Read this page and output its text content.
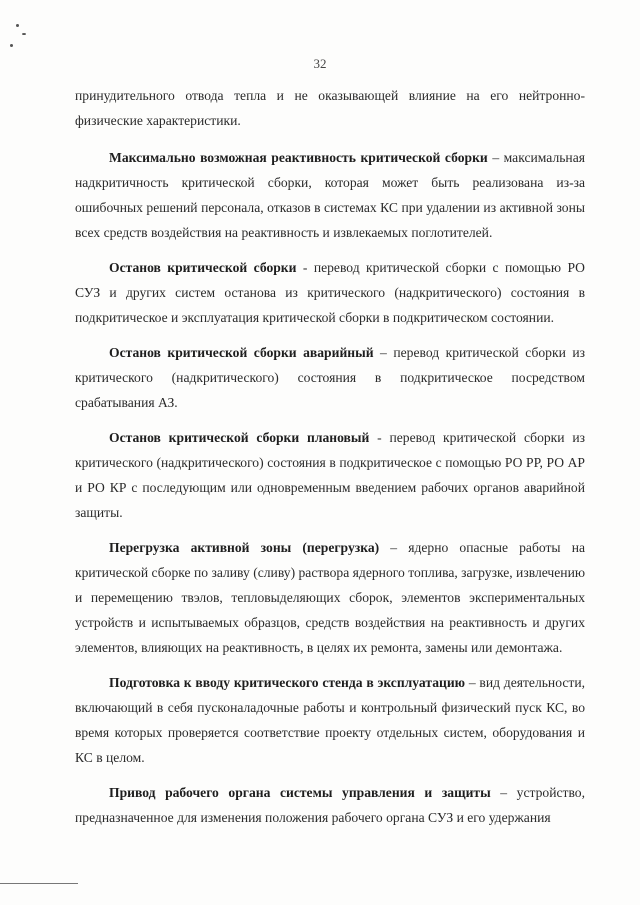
32

принудительного отвода тепла и не оказывающей влияние на его нейтронно-физические характеристики.

Максимально возможная реактивность критической сборки – максимальная надкритичность критической сборки, которая может быть реализована из-за ошибочных решений персонала, отказов в системах КС при удалении из активной зоны всех средств воздействия на реактивность и извлекаемых поглотителей.

Останов критической сборки - перевод критической сборки с помощью РО СУЗ и других систем останова из критического (надкритического) состояния в подкритическое и эксплуатация критической сборки в подкритическом состоянии.

Останов критической сборки аварийный – перевод критической сборки из критического (надкритического) состояния в подкритическое посредством срабатывания АЗ.

Останов критической сборки плановый - перевод критической сборки из критического (надкритического) состояния в подкритическое с помощью РО РР, РО АР и РО КР с последующим или одновременным введением рабочих органов аварийной защиты.

Перегрузка активной зоны (перегрузка) – ядерно опасные работы на критической сборке по заливу (сливу) раствора ядерного топлива, загрузке, извлечению и перемещению твэлов, тепловыделяющих сборок, элементов экспериментальных устройств и испытываемых образцов, средств воздействия на реактивность и других элементов, влияющих на реактивность, в целях их ремонта, замены или демонтажа.

Подготовка к вводу критического стенда в эксплуатацию – вид деятельности, включающий в себя пусконаладочные работы и контрольный физический пуск КС, во время которых проверяется соответствие проекту отдельных систем, оборудования и КС в целом.

Привод рабочего органа системы управления и защиты – устройство, предназначенное для изменения положения рабочего органа СУЗ и его удержания
